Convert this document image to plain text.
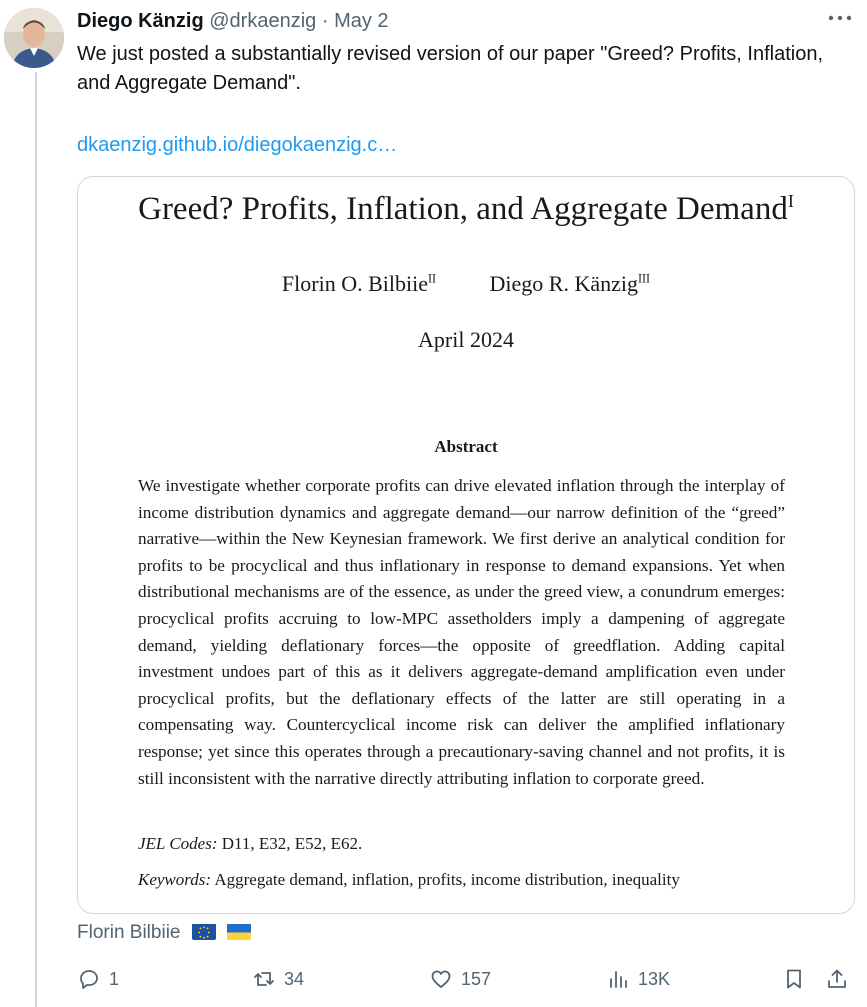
Diego Känzig @drkaenzig · May 2
We just posted a substantially revised version of our paper "Greed? Profits, Inflation, and Aggregate Demand".
dkaenzig.github.io/diegokaenzig.c…
Greed? Profits, Inflation, and Aggregate Demand$^I$
Florin O. Bilbiie$^{II}$ Diego R. Känzig$^{III}$
April 2024
Abstract
We investigate whether corporate profits can drive elevated inflation through the interplay of income distribution dynamics and aggregate demand—our narrow definition of the “greed” narrative—within the New Keynesian framework. We first derive an analytical condition for profits to be procyclical and thus inflationary in response to demand expansions. Yet when distributional mechanisms are of the essence, as under the greed view, a conundrum emerges: procyclical profits accruing to low-MPC assetholders imply a dampening of aggregate demand, yielding deflationary forces—the opposite of greedflation. Adding capital investment undoes part of this as it delivers aggregate-demand amplification even under procyclical profits, but the deflationary effects of the latter are still operating in a compensating way. Countercyclical income risk can deliver the amplified inflationary response; yet since this operates through a precautionary-saving channel and not profits, it is still inconsistent with the narrative directly attributing inflation to corporate greed.
JEL Codes: D11, E32, E52, E62.
Keywords: Aggregate demand, inflation, profits, income distribution, inequality
Florin Bilbiie
1	34	157	13K
